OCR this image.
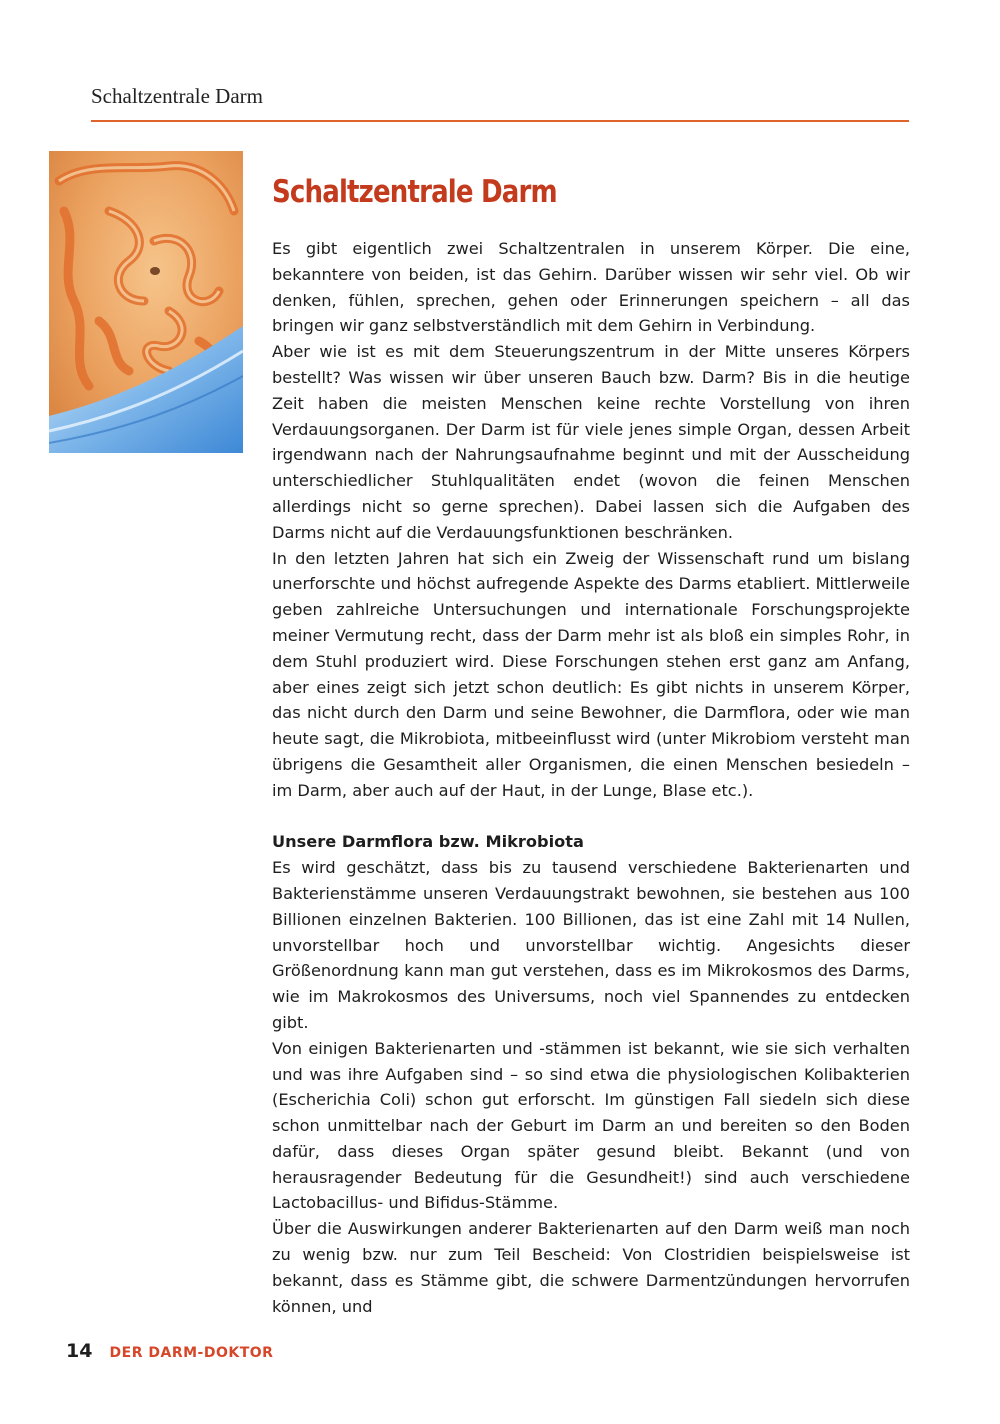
Schaltzentrale Darm
Schaltzentrale Darm

Es gibt eigentlich zwei Schaltzentralen in unserem Körper. Die eine, bekanntere von beiden, ist das Gehirn. Darüber wissen wir sehr viel. Ob wir denken, fühlen, sprechen, gehen oder Erinnerungen speichern – all das bringen wir ganz selbstverständlich mit dem Gehirn in Verbindung.

Aber wie ist es mit dem Steuerungszentrum in der Mitte unseres Körpers bestellt? Was wissen wir über unseren Bauch bzw. Darm? Bis in die heutige Zeit haben die meisten Menschen keine rechte Vorstellung von ihren Verdauungsorganen. Der Darm ist für viele jenes simple Organ, dessen Arbeit irgendwann nach der Nahrungsaufnahme beginnt und mit der Ausscheidung unterschiedlicher Stuhlqualitäten endet (wovon die feinen Menschen allerdings nicht so gerne sprechen). Dabei lassen sich die Aufgaben des Darms nicht auf die Verdauungsfunktionen beschränken.

In den letzten Jahren hat sich ein Zweig der Wissenschaft rund um bislang unerforschte und höchst aufregende Aspekte des Darms etabliert. Mittlerweile geben zahlreiche Untersuchungen und internationale Forschungsprojekte meiner Vermutung recht, dass der Darm mehr ist als bloß ein simples Rohr, in dem Stuhl produziert wird. Diese Forschungen stehen erst ganz am Anfang, aber eines zeigt sich jetzt schon deutlich: Es gibt nichts in unserem Körper, das nicht durch den Darm und seine Bewohner, die Darmflora, oder wie man heute sagt, die Mikrobiota, mitbeeinflusst wird (unter Mikrobiom versteht man übrigens die Gesamtheit aller Organismen, die einen Menschen besiedeln – im Darm, aber auch auf der Haut, in der Lunge, Blase etc.).

Unsere Darmflora bzw. Mikrobiota

Es wird geschätzt, dass bis zu tausend verschiedene Bakterienarten und Bakterienstämme unseren Verdauungstrakt bewohnen, sie bestehen aus 100 Billionen einzelnen Bakterien. 100 Billionen, das ist eine Zahl mit 14 Nullen, unvorstellbar hoch und unvorstellbar wichtig. Angesichts dieser Größenordnung kann man gut verstehen, dass es im Mikrokosmos des Darms, wie im Makrokosmos des Universums, noch viel Spannendes zu entdecken gibt.

Von einigen Bakterienarten und -stämmen ist bekannt, wie sie sich verhalten und was ihre Aufgaben sind – so sind etwa die physiologischen Kolibakterien (Escherichia Coli) schon gut erforscht. Im günstigen Fall siedeln sich diese schon unmittelbar nach der Geburt im Darm an und bereiten so den Boden dafür, dass dieses Organ später gesund bleibt. Bekannt (und von herausragender Bedeutung für die Gesundheit!) sind auch verschiedene Lactobacillus- und Bifidus-Stämme.

Über die Auswirkungen anderer Bakterienarten auf den Darm weiß man noch zu wenig bzw. nur zum Teil Bescheid: Von Clostridien beispielsweise ist bekannt, dass es Stämme gibt, die schwere Darmentzündungen hervorrufen können, und

14 DER DARM-DOKTOR
